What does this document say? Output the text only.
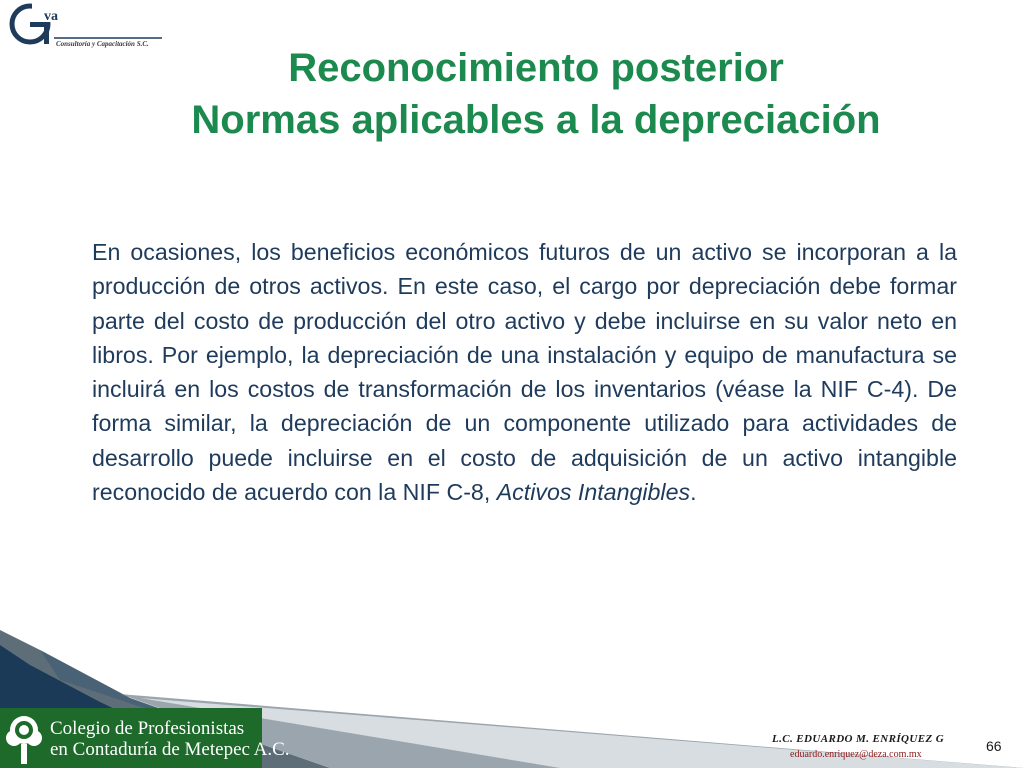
va
Consultoría y Capacitación S.C.
Reconocimiento posterior
Normas aplicables a la depreciación

En ocasiones, los beneficios económicos futuros de un activo se incorporan a la producción de otros activos. En este caso, el cargo por depreciación debe formar parte del costo de producción del otro activo y debe incluirse en su valor neto en libros. Por ejemplo, la depreciación de una instalación y equipo de manufactura se incluirá en los costos de transformación de los inventarios (véase la NIF C-4). De forma similar, la depreciación de un componente utilizado para actividades de desarrollo puede incluirse en el costo de adquisición de un activo intangible reconocido de acuerdo con la NIF C-8, Activos Intangibles.

Colegio de Profesionistas
en Contaduría de Metepec A.C.	L.C. EDUARDO M. ENRÍQUEZ G
eduardo.enriquez@deza.com.mx
66
